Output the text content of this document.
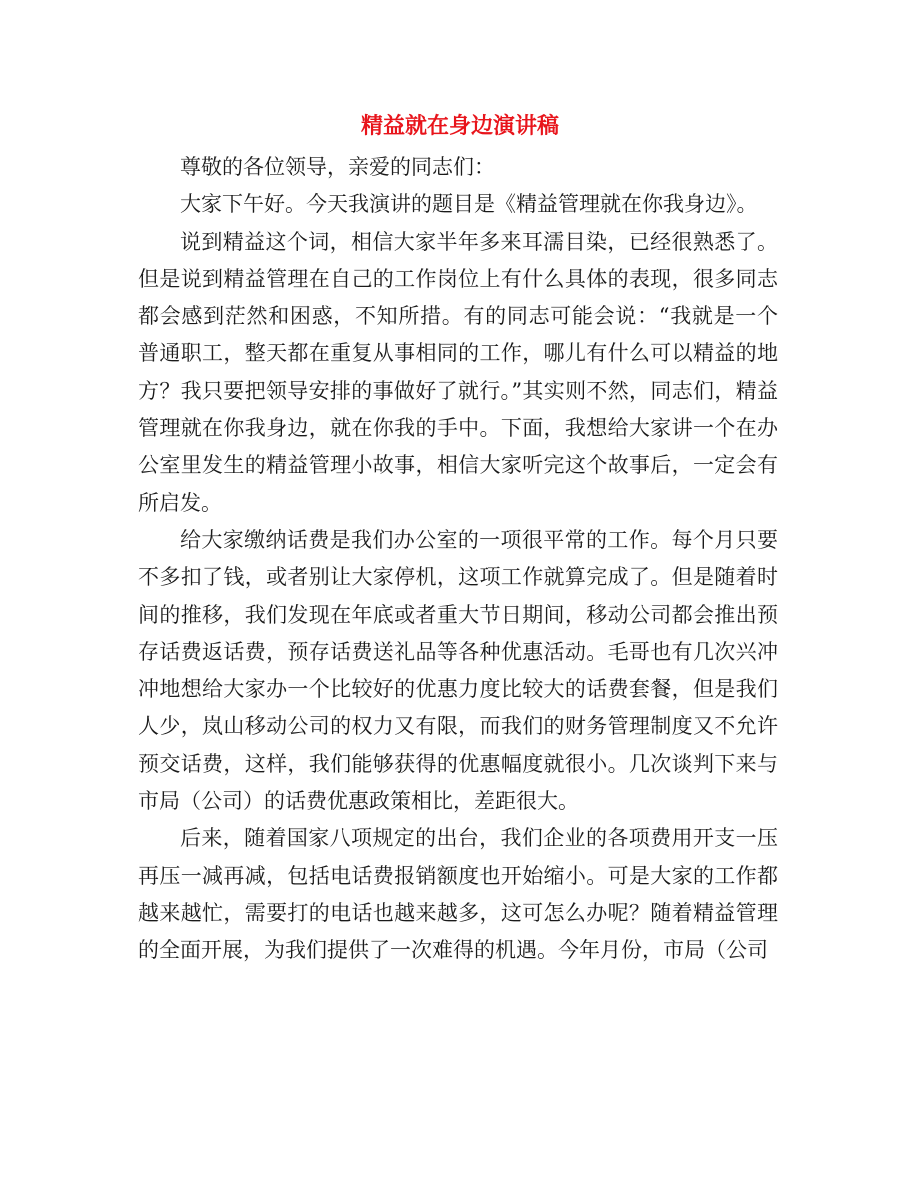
精益就在身边演讲稿

尊敬的各位领导，亲爱的同志们：

大家下午好。今天我演讲的题目是《精益管理就在你我身边》。

说到精益这个词，相信大家半年多来耳濡目染，已经很熟悉了。但是说到精益管理在自己的工作岗位上有什么具体的表现，很多同志都会感到茫然和困惑，不知所措。有的同志可能会说：“我就是一个普通职工，整天都在重复从事相同的工作，哪儿有什么可以精益的地方？我只要把领导安排的事做好了就行。”其实则不然，同志们，精益管理就在你我身边，就在你我的手中。下面，我想给大家讲一个在办公室里发生的精益管理小故事，相信大家听完这个故事后，一定会有所启发。

给大家缴纳话费是我们办公室的一项很平常的工作。每个月只要不多扣了钱，或者别让大家停机，这项工作就算完成了。但是随着时间的推移，我们发现在年底或者重大节日期间，移动公司都会推出预存话费返话费，预存话费送礼品等各种优惠活动。毛哥也有几次兴冲冲地想给大家办一个比较好的优惠力度比较大的话费套餐，但是我们人少，岚山移动公司的权力又有限，而我们的财务管理制度又不允许预交话费，这样，我们能够获得的优惠幅度就很小。几次谈判下来与市局（公司）的话费优惠政策相比，差距很大。

后来，随着国家八项规定的出台，我们企业的各项费用开支一压再压一减再减，包括电话费报销额度也开始缩小。可是大家的工作都越来越忙，需要打的电话也越来越多，这可怎么办呢？随着精益管理的全面开展，为我们提供了一次难得的机遇。今年月份，市局（公司
